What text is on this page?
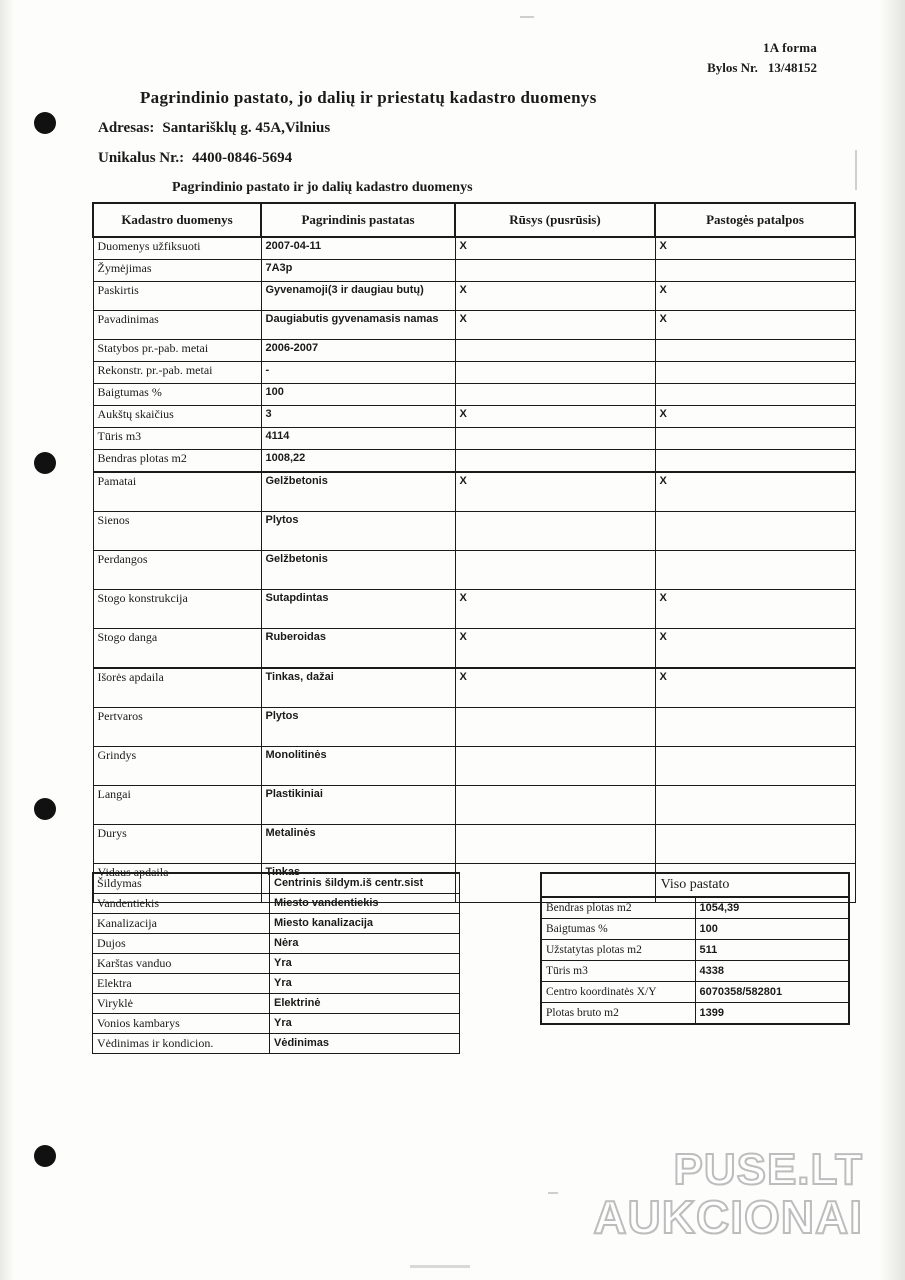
1A forma
Bylos Nr. 13/48152
Pagrindinio pastato, jo dalių ir priestatų kadastro duomenys
Adresas: Santarišklų g. 45A,Vilnius
Unikalus Nr.: 4400-0846-5694
Pagrindinio pastato ir jo dalių kadastro duomenys
Kadastro duomenys	Pagrindinis pastatas	Rūsys (pusrūsis)	Pastogės patalpos
Duomenys užfiksuoti	2007-04-11	X	X
Žymėjimas	7A3p		
Paskirtis	Gyvenamoji(3 ir daugiau butų)	X	X
Pavadinimas	Daugiabutis gyvenamasis namas	X	X
Statybos pr.-pab. metai	2006-2007		
Rekonstr. pr.-pab. metai	-		
Baigtumas %	100		
Aukštų skaičius	3	X	X
Tūris m3	4114		
Bendras plotas m2	1008,22		
Pamatai	Gelžbetonis	X	X
Sienos	Plytos		
Perdangos	Gelžbetonis		
Stogo konstrukcija	Sutapdintas	X	X
Stogo danga	Ruberoidas	X	X
Išorės apdaila	Tinkas, dažai	X	X
Pertvaros	Plytos		
Grindys	Monolitinės		
Langai	Plastikiniai		
Durys	Metalinės		
Vidaus apdaila	Tinkas		
Šildymas	Centrinis šildym.iš centr.sist
Vandentiekis	Miesto vandentiekis
Kanalizacija	Miesto kanalizacija
Dujos	Nėra
Karštas vanduo	Yra
Elektra	Yra
Viryklė	Elektrinė
Vonios kambarys	Yra
Vėdinimas ir kondicion.	Vėdinimas
Viso pastato	
Bendras plotas m2	1054,39
Baigtumas %	100
Užstatytas plotas m2	511
Tūris m3	4338
Centro koordinatės X/Y	6070358/582801
Plotas bruto m2	1399
PUSE.LT
AUKCIONAI
